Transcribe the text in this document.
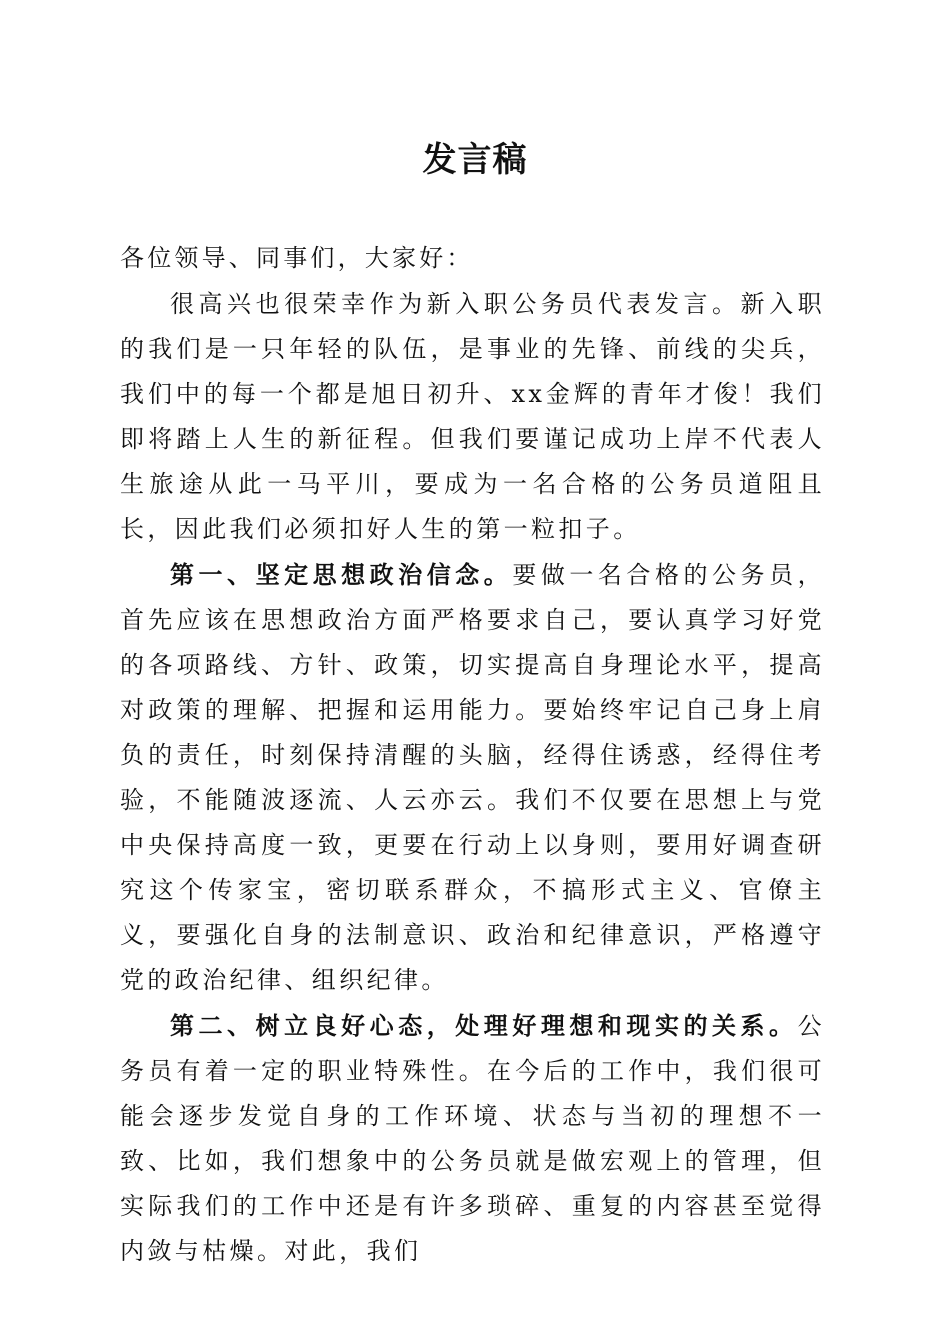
发言稿

各位领导、同事们，大家好：

很高兴也很荣幸作为新入职公务员代表发言。新入职的我们是一只年轻的队伍，是事业的先锋、前线的尖兵，我们中的每一个都是旭日初升、xx金辉的青年才俊！我们即将踏上人生的新征程。但我们要谨记成功上岸不代表人生旅途从此一马平川，要成为一名合格的公务员道阻且长，因此我们必须扣好人生的第一粒扣子。

第一、坚定思想政治信念。要做一名合格的公务员，首先应该在思想政治方面严格要求自己，要认真学习好党的各项路线、方针、政策，切实提高自身理论水平，提高对政策的理解、把握和运用能力。要始终牢记自己身上肩负的责任，时刻保持清醒的头脑，经得住诱惑，经得住考验，不能随波逐流、人云亦云。我们不仅要在思想上与党中央保持高度一致，更要在行动上以身则，要用好调查研究这个传家宝，密切联系群众，不搞形式主义、官僚主义，要强化自身的法制意识、政治和纪律意识，严格遵守党的政治纪律、组织纪律。

第二、树立良好心态，处理好理想和现实的关系。公务员有着一定的职业特殊性。在今后的工作中，我们很可能会逐步发觉自身的工作环境、状态与当初的理想不一致、比如，我们想象中的公务员就是做宏观上的管理，但实际我们的工作中还是有许多琐碎、重复的内容甚至觉得内敛与枯燥。对此，我们
